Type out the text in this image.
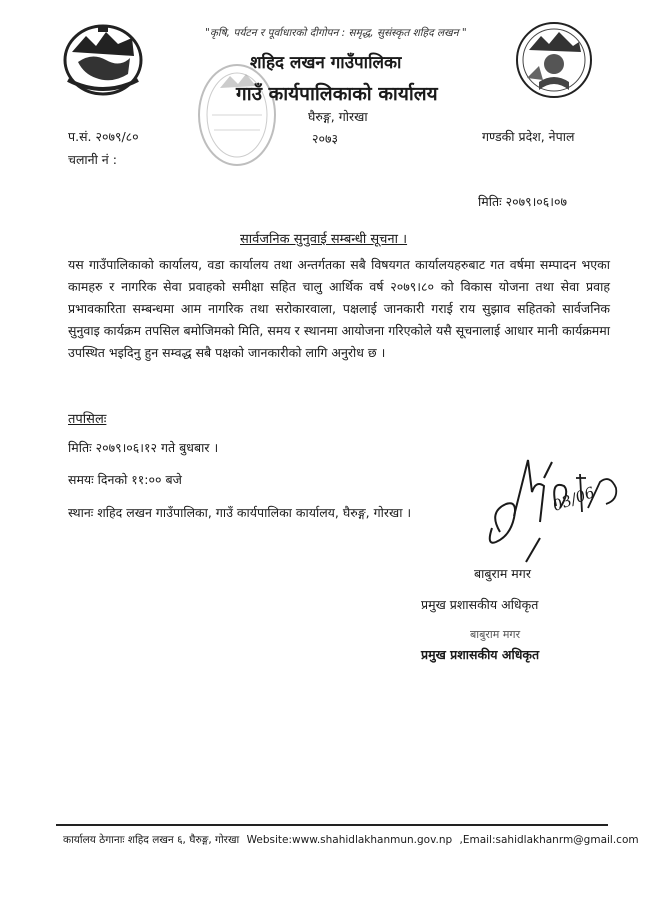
"कृषि, पर्यटन र पूर्वाधारको दीगोपन : समृद्ध, सुसंस्कृत शहिद लखन "
शहिद लखन गाउँपालिका
गाउँ कार्यपालिकाको कार्यालय
घैरुङ्ग, गोरखा
२०७३
प.सं. २०७९/८०
चलानी नं :
गण्डकी प्रदेश, नेपाल
मितिः २०७९।०६।०७
सार्वजनिक सुनुवाई सम्बन्धी सूचना ।
यस गाउँपालिकाको कार्यालय, वडा कार्यालय तथा अन्तर्गतका सबै विषयगत कार्यालयहरुबाट गत वर्षमा सम्पादन भएका कामहरु र नागरिक सेवा प्रवाहको समीक्षा सहित चालु आर्थिक वर्ष २०७९।८० को विकास योजना तथा सेवा प्रवाह प्रभावकारिता सम्बन्धमा आम नागरिक तथा सरोकारवाला, पक्षलाई जानकारी गराई राय सुझाव सहितको सार्वजनिक सुनुवाइ कार्यक्रम तपसिल बमोजिमको मिति, समय र स्थानमा आयोजना गरिएकोले यसै सूचनालाई आधार मानी कार्यक्रममा उपस्थित भइदिनु हुन सम्वद्ध सबै पक्षको जानकारीको लागि अनुरोध छ ।
तपसिलः
मितिः २०७९।०६।१२ गते बुधबार ।
समयः दिनको ११:०० बजे
स्थानः शहिद लखन गाउँपालिका, गाउँ कार्यपालिका कार्यालय, घैरुङ्ग, गोरखा ।	03/06
बाबुराम मगर
प्रमुख प्रशासकीय अधिकृत
बाबुराम मगर
प्रमुख प्रशासकीय अधिकृत
कार्यालय ठेगानाः शहिद लखन ६, घैरुङ्ग, गोरखा Website:www.shahidlakhanmun.gov.np ,Email:sahidlakhanrm@gmail.com
